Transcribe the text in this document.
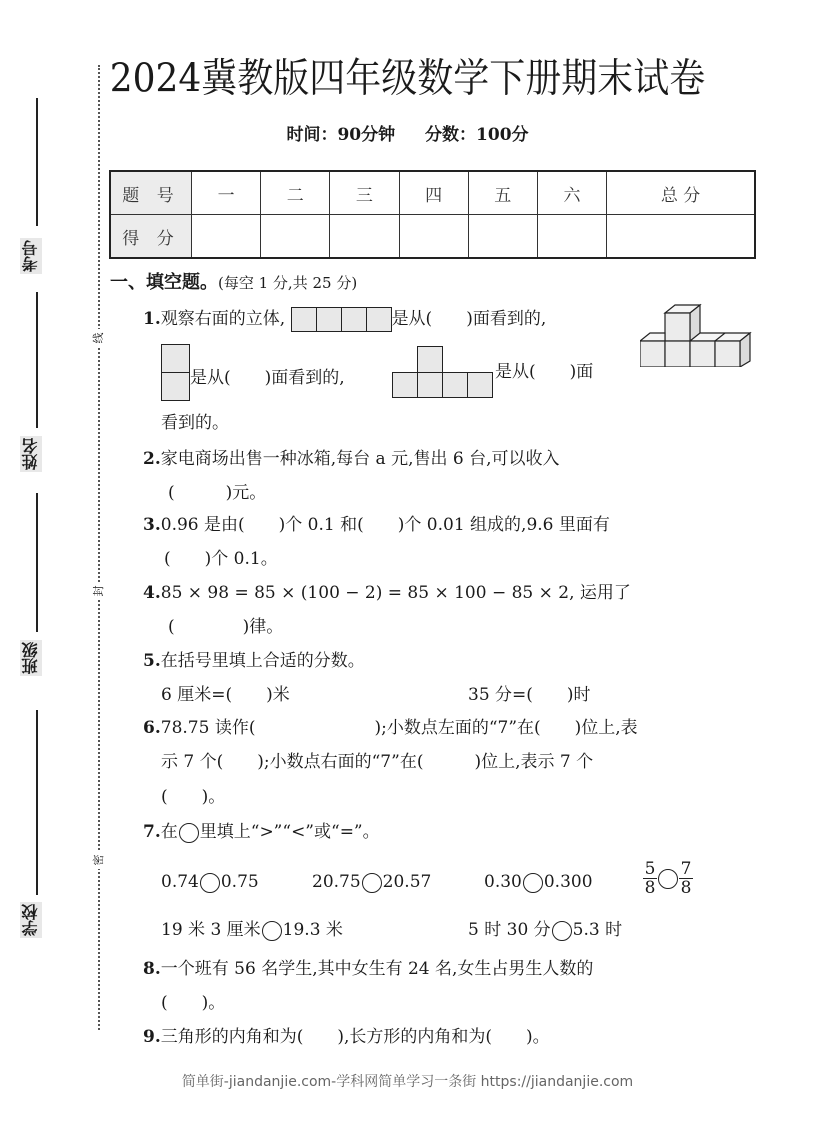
考号
姓名
班级
学校
线
封
密
2024冀教版四年级数学下册期末试卷
时间：90分钟 分数：100分
题 号	一	二	三	四	五	六	总 分
得 分							
一、填空题。(每空 1 分,共 25 分)
1.观察右面的立体,	是从(　　)面看到的,
是从(　　)面看到的,	是从(　　)面
看到的。
2.家电商场出售一种冰箱,每台 a 元,售出 6 台,可以收入
(　　　)元。
3.0.96 是由(　　)个 0.1 和(　　)个 0.01 组成的,9.6 里面有
(　　)个 0.1。
4.85 × 98 = 85 × (100 − 2) = 85 × 100 − 85 × 2, 运用了
(　　　　)律。
5.在括号里填上合适的分数。
6 厘米=(　　)米	35 分=(　　)时
6.78.75 读作(　　　　　　　);小数点左面的“7”在(　　)位上,表
示 7 个(　　);小数点右面的“7”在(　　　)位上,表示 7 个
(　　)。
7.在 里填上“>”“<”或“=”。
0.74 0.75	20.75 20.57	0.30 0.300	$\frac{5}{8} \frac{7}{8}$
19 米 3 厘米 19.3 米	5 时 30 分 5.3 时
8.一个班有 56 名学生,其中女生有 24 名,女生占男生人数的
(　　)。
9.三角形的内角和为(　　),长方形的内角和为(　　)。
简单街-jiandanjie.com-学科网简单学习一条街 https://jiandanjie.com
